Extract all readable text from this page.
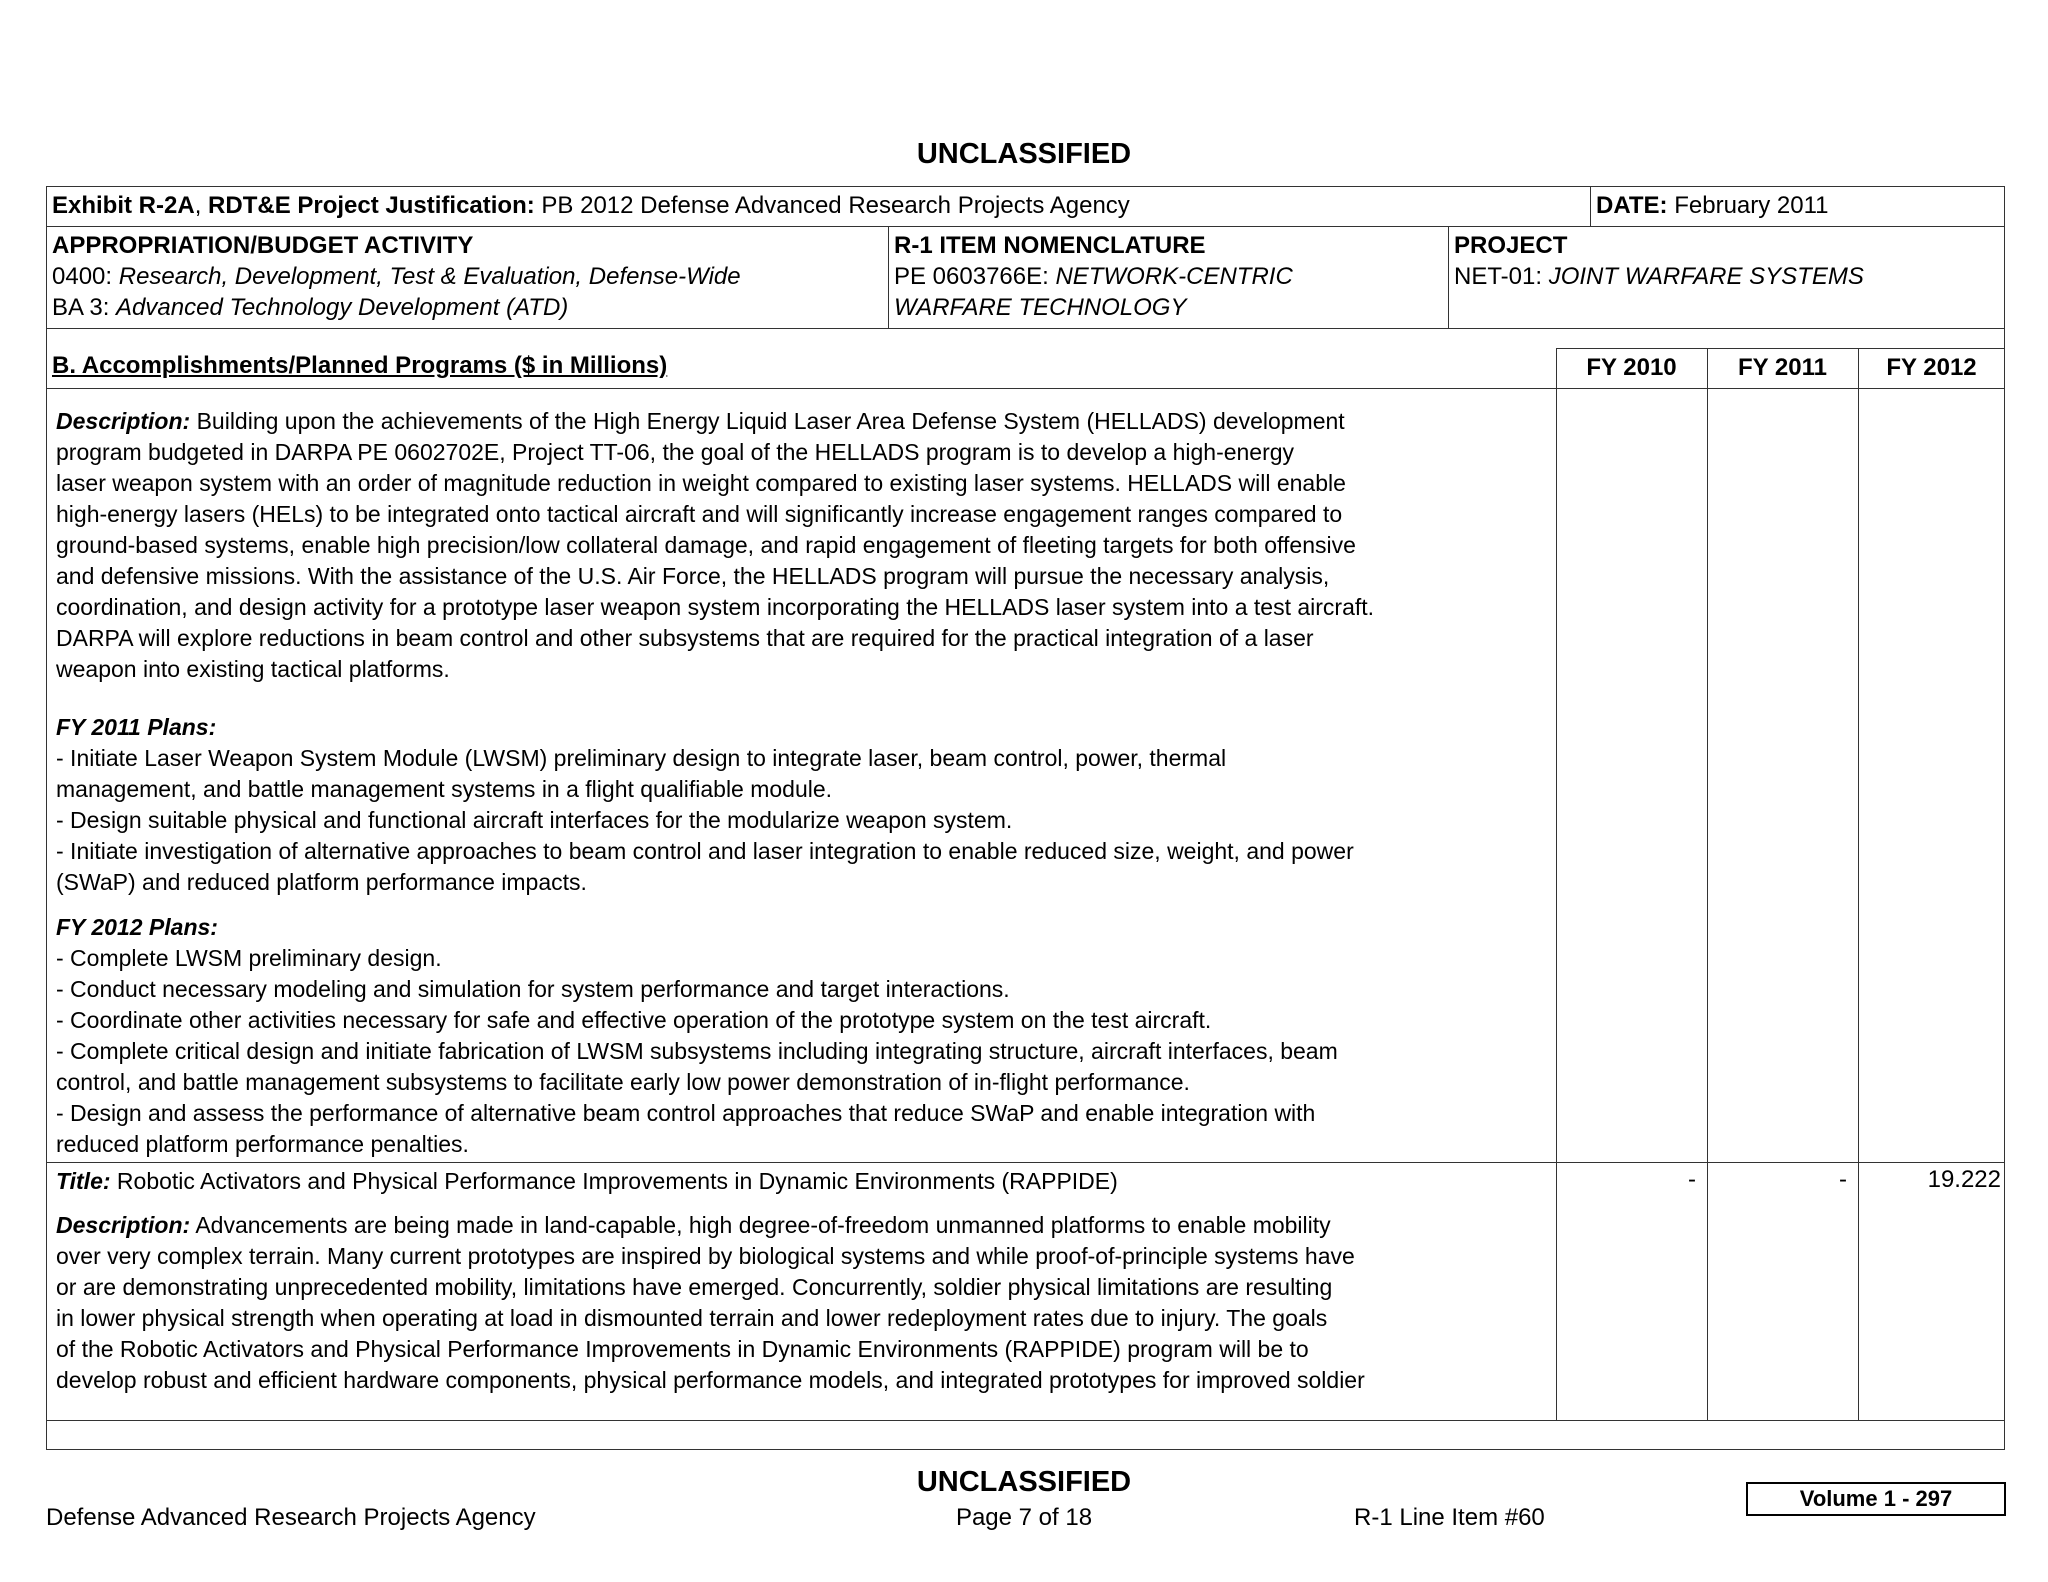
UNCLASSIFIED
Exhibit R-2A, RDT&E Project Justification: PB 2012 Defense Advanced Research Projects Agency	DATE: February 2011
APPROPRIATION/BUDGET ACTIVITY
0400: Research, Development, Test & Evaluation, Defense-Wide
BA 3: Advanced Technology Development (ATD)
R-1 ITEM NOMENCLATURE
PE 0603766E: NETWORK-CENTRIC
WARFARE TECHNOLOGY
PROJECT
NET-01: JOINT WARFARE SYSTEMS
B. Accomplishments/Planned Programs ($ in Millions)	FY 2010	FY 2011	FY 2012
Description: Building upon the achievements of the High Energy Liquid Laser Area Defense System (HELLADS) development
program budgeted in DARPA PE 0602702E, Project TT-06, the goal of the HELLADS program is to develop a high-energy
laser weapon system with an order of magnitude reduction in weight compared to existing laser systems. HELLADS will enable
high-energy lasers (HELs) to be integrated onto tactical aircraft and will significantly increase engagement ranges compared to
ground-based systems, enable high precision/low collateral damage, and rapid engagement of fleeting targets for both offensive
and defensive missions. With the assistance of the U.S. Air Force, the HELLADS program will pursue the necessary analysis,
coordination, and design activity for a prototype laser weapon system incorporating the HELLADS laser system into a test aircraft.
DARPA will explore reductions in beam control and other subsystems that are required for the practical integration of a laser
weapon into existing tactical platforms.
FY 2011 Plans:
- Initiate Laser Weapon System Module (LWSM) preliminary design to integrate laser, beam control, power, thermal
management, and battle management systems in a flight qualifiable module.
- Design suitable physical and functional aircraft interfaces for the modularize weapon system.
- Initiate investigation of alternative approaches to beam control and laser integration to enable reduced size, weight, and power
(SWaP) and reduced platform performance impacts.
FY 2012 Plans:
- Complete LWSM preliminary design.
- Conduct necessary modeling and simulation for system performance and target interactions.
- Coordinate other activities necessary for safe and effective operation of the prototype system on the test aircraft.
- Complete critical design and initiate fabrication of LWSM subsystems including integrating structure, aircraft interfaces, beam
control, and battle management subsystems to facilitate early low power demonstration of in-flight performance.
- Design and assess the performance of alternative beam control approaches that reduce SWaP and enable integration with
reduced platform performance penalties.
Title: Robotic Activators and Physical Performance Improvements in Dynamic Environments (RAPPIDE)	-	-	19.222
Description: Advancements are being made in land-capable, high degree-of-freedom unmanned platforms to enable mobility
over very complex terrain. Many current prototypes are inspired by biological systems and while proof-of-principle systems have
or are demonstrating unprecedented mobility, limitations have emerged. Concurrently, soldier physical limitations are resulting
in lower physical strength when operating at load in dismounted terrain and lower redeployment rates due to injury. The goals
of the Robotic Activators and Physical Performance Improvements in Dynamic Environments (RAPPIDE) program will be to
develop robust and efficient hardware components, physical performance models, and integrated prototypes for improved soldier
UNCLASSIFIED
Defense Advanced Research Projects Agency	Page 7 of 18	R-1 Line Item #60
Volume 1 - 297
